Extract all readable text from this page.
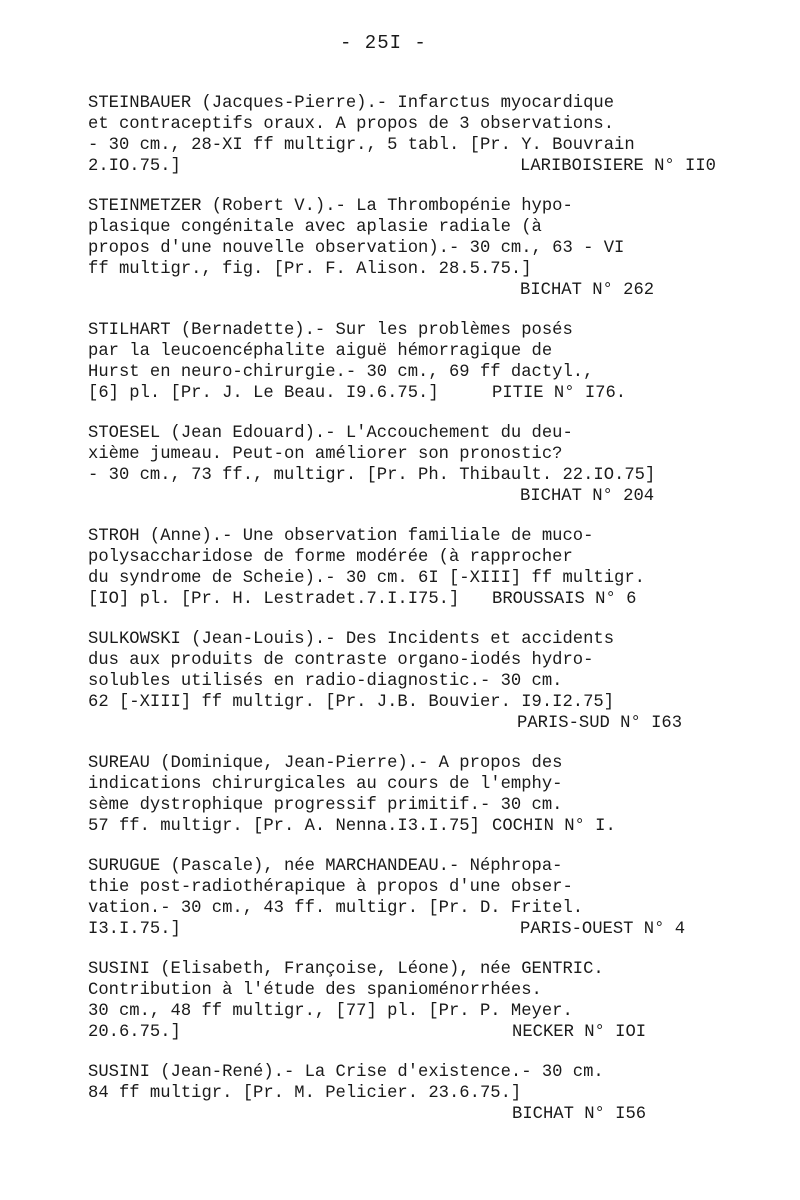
- 25I -

STEINBAUER (Jacques-Pierre).- Infarctus myocardique

et contraceptifs oraux. A propos de 3 observations.

- 30 cm., 28-XI ff multigr., 5 tabl. [Pr. Y. Bouvrain

2.IO.75.]	LARIBOISIERE N° II0

STEINMETZER (Robert V.).- La Thrombopénie hypo-

plasique congénitale avec aplasie radiale (à

propos d'une nouvelle observation).- 30 cm., 63 - VI

ff multigr., fig. [Pr. F. Alison. 28.5.75.]

BICHAT N° 262

STILHART (Bernadette).- Sur les problèmes posés

par la leucoencéphalite aiguë hémorragique de

Hurst en neuro-chirurgie.- 30 cm., 69 ff dactyl.,

[6] pl. [Pr. J. Le Beau. I9.6.75.]	PITIE N° I76.

STOESEL (Jean Edouard).- L'Accouchement du deu-

xième jumeau. Peut-on améliorer son pronostic?

- 30 cm., 73 ff., multigr. [Pr. Ph. Thibault. 22.IO.75]

BICHAT N° 204

STROH (Anne).- Une observation familiale de muco-

polysaccharidose de forme modérée (à rapprocher

du syndrome de Scheie).- 30 cm. 6I [-XIII] ff multigr.

[IO] pl. [Pr. H. Lestradet.7.I.I75.] BROUSSAIS N° 6

SULKOWSKI (Jean-Louis).- Des Incidents et accidents

dus aux produits de contraste organo-iodés hydro-

solubles utilisés en radio-diagnostic.- 30 cm.

62 [-XIII] ff multigr. [Pr. J.B. Bouvier. I9.I2.75]

PARIS-SUD N° I63

SUREAU (Dominique, Jean-Pierre).- A propos des

indications chirurgicales au cours de l'emphy-

sème dystrophique progressif primitif.- 30 cm.

57 ff. multigr. [Pr. A. Nenna.I3.I.75] COCHIN N° I.

SURUGUE (Pascale), née MARCHANDEAU.- Néphropa-

thie post-radiothérapique à propos d'une obser-

vation.- 30 cm., 43 ff. multigr. [Pr. D. Fritel.

I3.I.75.]	PARIS-OUEST N° 4

SUSINI (Elisabeth, Françoise, Léone), née GENTRIC.

Contribution à l'étude des spanioménorrhées.

30 cm., 48 ff multigr., [77] pl. [Pr. P. Meyer.

20.6.75.]	NECKER N° IOI

SUSINI (Jean-René).- La Crise d'existence.- 30 cm.

84 ff multigr. [Pr. M. Pelicier. 23.6.75.]

BICHAT N° I56
